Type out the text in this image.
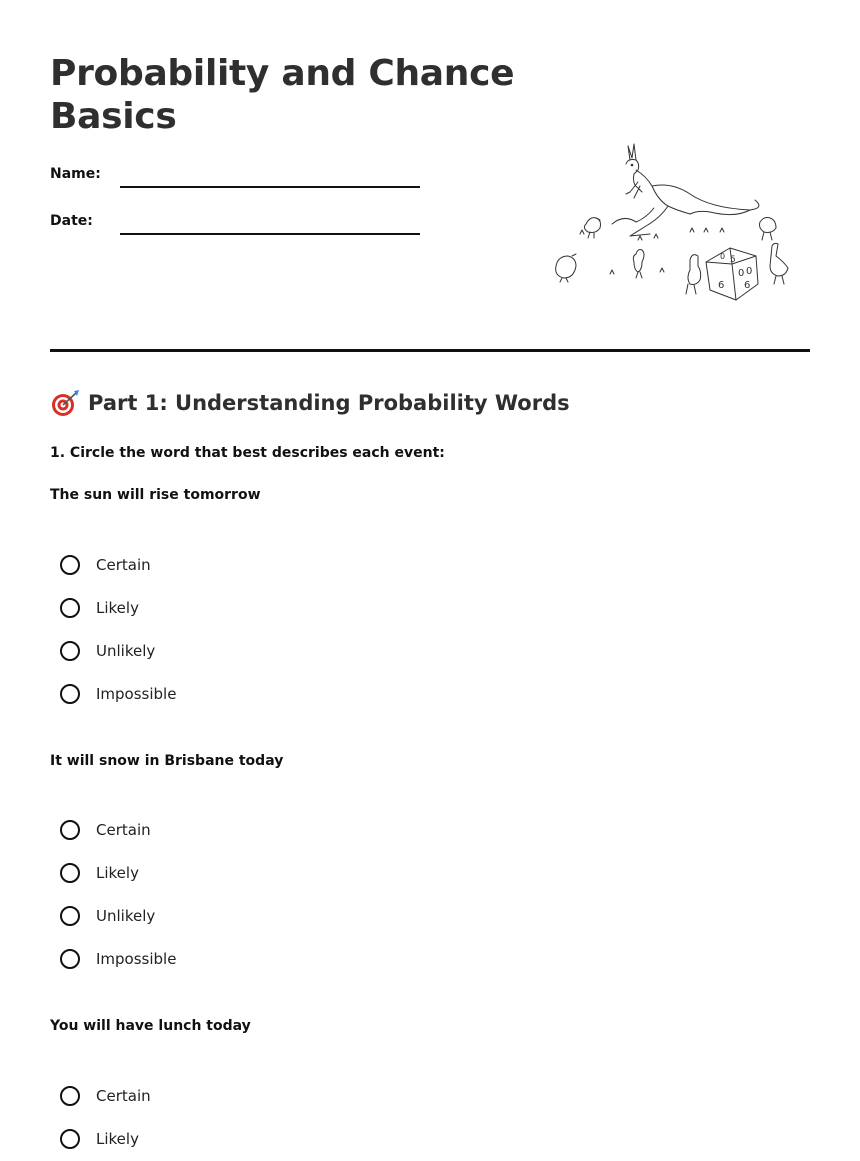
Probability and Chance Basics
Name:
Date:
5
0
0 0
6
6
Part 1: Understanding Probability Words
1. Circle the word that best describes each event:
The sun will rise tomorrow
Certain
Likely
Unlikely
Impossible
It will snow in Brisbane today
Certain
Likely
Unlikely
Impossible
You will have lunch today
Certain
Likely
